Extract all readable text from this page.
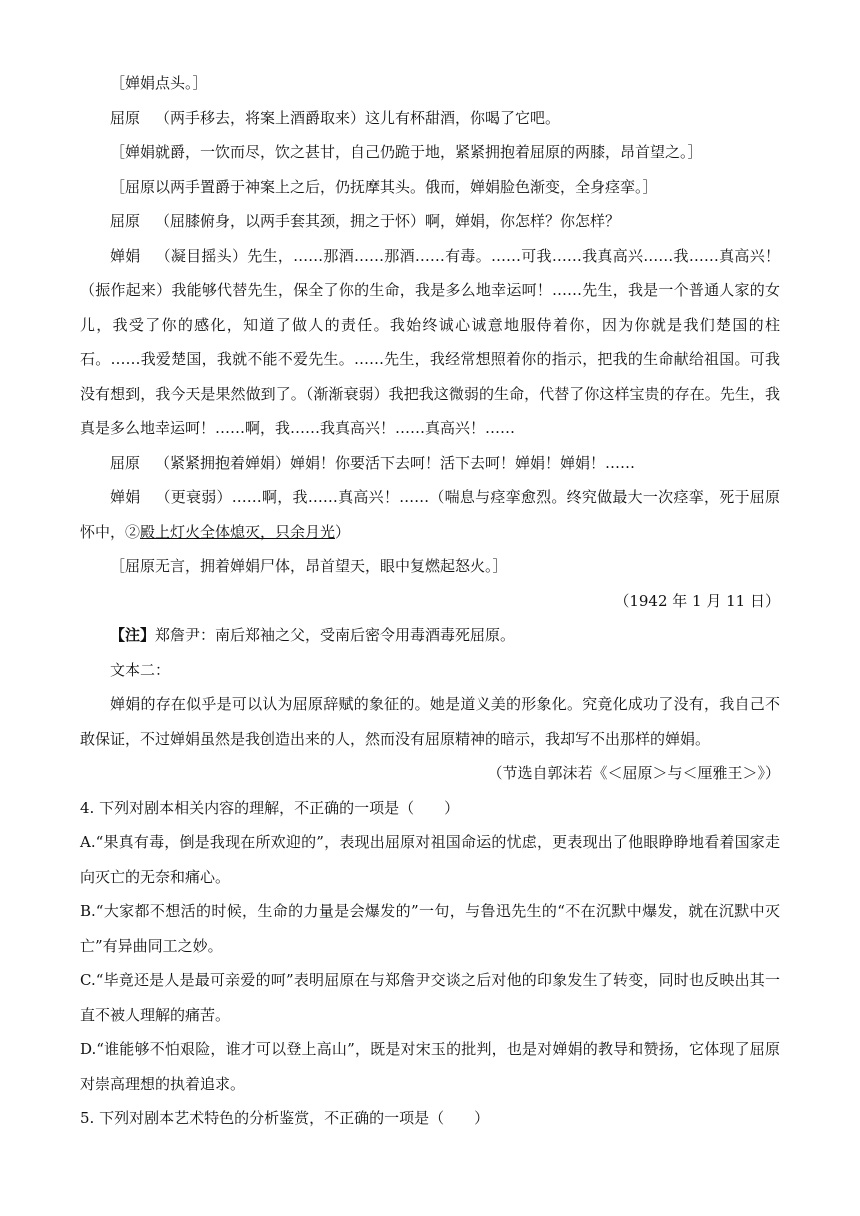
［婵娟点头。］

屈原 （两手移去，将案上酒爵取来）这儿有杯甜酒，你喝了它吧。

［婵娟就爵，一饮而尽，饮之甚甘，自己仍跪于地，紧紧拥抱着屈原的两膝，昂首望之。］

［屈原以两手置爵于神案上之后，仍抚摩其头。俄而，婵娟脸色渐变，全身痉挛。］

屈原 （屈膝俯身，以两手套其颈，拥之于怀）啊，婵娟，你怎样？你怎样？

婵娟 （凝目摇头）先生，……那酒……那酒……有毒。……可我……我真高兴……我……真高兴！（振作起来）我能够代替先生，保全了你的生命，我是多么地幸运呵！……先生，我是一个普通人家的女儿，我受了你的感化，知道了做人的责任。我始终诚心诚意地服侍着你，因为你就是我们楚国的柱石。……我爱楚国，我就不能不爱先生。……先生，我经常想照着你的指示，把我的生命献给祖国。可我没有想到，我今天是果然做到了。（渐渐衰弱）我把我这微弱的生命，代替了你这样宝贵的存在。先生，我真是多么地幸运呵！……啊，我……我真高兴！……真高兴！……

屈原 （紧紧拥抱着婵娟）婵娟！你要活下去呵！活下去呵！婵娟！婵娟！……

婵娟 （更衰弱）……啊，我……真高兴！……（喘息与痉挛愈烈。终究做最大一次痉挛，死于屈原怀中，②殿上灯火全体熄灭，只余月光）

［屈原无言，拥着婵娟尸体，昂首望天，眼中复燃起怒火。］

（1942 年 1 月 11 日）

【注】郑詹尹：南后郑袖之父，受南后密令用毒酒毒死屈原。

文本二：

婵娟的存在似乎是可以认为屈原辞赋的象征的。她是道义美的形象化。究竟化成功了没有，我自己不敢保证，不过婵娟虽然是我创造出来的人，然而没有屈原精神的暗示，我却写不出那样的婵娟。

（节选自郭沫若《＜屈原＞与＜厘雅王＞》）

4. 下列对剧本相关内容的理解，不正确的一项是（　　）

A.“果真有毒，倒是我现在所欢迎的”，表现出屈原对祖国命运的忧虑，更表现出了他眼睁睁地看着国家走向灭亡的无奈和痛心。

B.“大家都不想活的时候，生命的力量是会爆发的”一句，与鲁迅先生的“不在沉默中爆发，就在沉默中灭亡”有异曲同工之妙。

C.“毕竟还是人是最可亲爱的呵”表明屈原在与郑詹尹交谈之后对他的印象发生了转变，同时也反映出其一直不被人理解的痛苦。

D.“谁能够不怕艰险，谁才可以登上高山”，既是对宋玉的批判，也是对婵娟的教导和赞扬，它体现了屈原对崇高理想的执着追求。

5. 下列对剧本艺术特色的分析鉴赏，不正确的一项是（　　）
